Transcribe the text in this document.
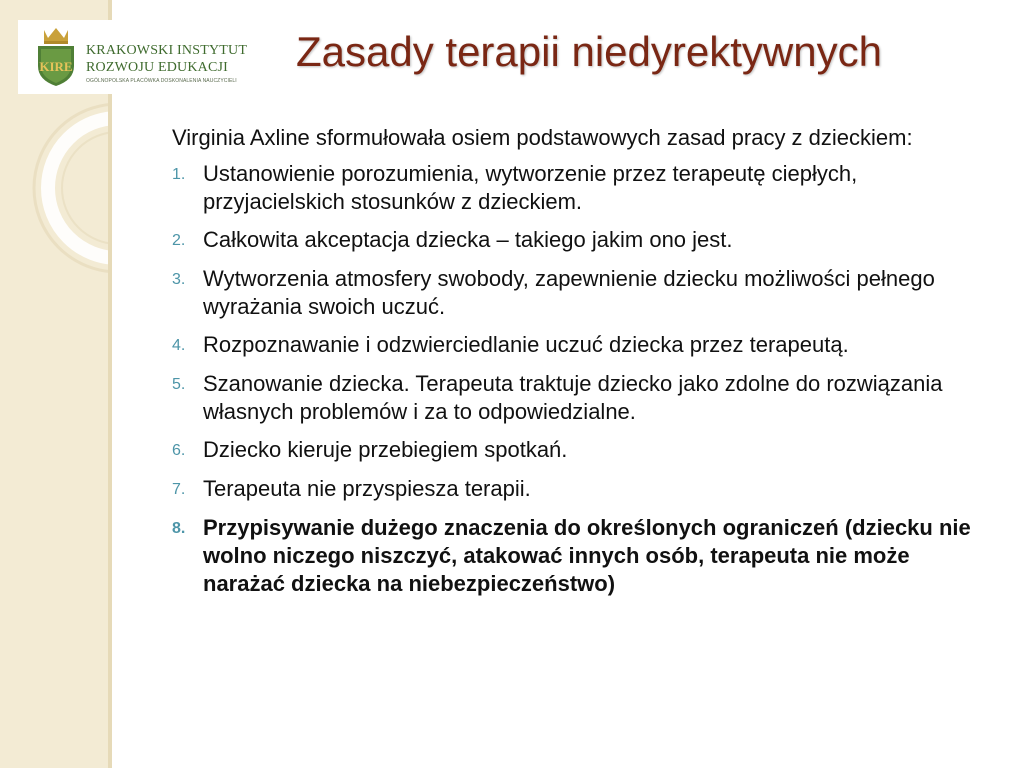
KIRE
KRAKOWSKI INSTYTUT
ROZWOJU EDUKACJI
OGÓLNOPOLSKA PLACÓWKA DOSKONALENIA NAUCZYCIELI
Zasady terapii niedyrektywnych

Virginia Axline sformułowała osiem podstawowych zasad pracy z dzieckiem:

1. Ustanowienie porozumienia, wytworzenie przez terapeutę ciepłych, przyjacielskich stosunków z dzieckiem.
2. Całkowita akceptacja dziecka – takiego jakim ono jest.
3. Wytworzenia atmosfery swobody, zapewnienie dziecku możliwości pełnego wyrażania swoich uczuć.
4. Rozpoznawanie i odzwierciedlanie uczuć dziecka przez terapeutą.
5. Szanowanie dziecka. Terapeuta traktuje dziecko jako zdolne do rozwiązania własnych problemów i za to odpowiedzialne.
6. Dziecko kieruje przebiegiem spotkań.
7. Terapeuta nie przyspiesza terapii.
8. Przypisywanie dużego znaczenia do określonych ograniczeń (dziecku nie wolno niczego niszczyć, atakować innych osób, terapeuta nie może narażać dziecka na niebezpieczeństwo)
